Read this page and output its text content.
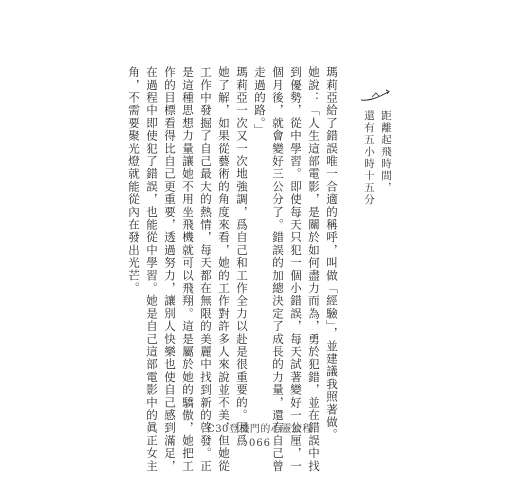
距離起飛時間，
還有五小時十五分
瑪莉亞給了錯誤唯一合適的稱呼，叫做「經驗」，並建議我照著做。
她說：「人生這部電影，是關於如何盡力而為，勇於犯錯，並在錯誤中找
到優勢，從中學習。即使每天只犯一個小錯誤，每天試著變好一公厘，一
個月後，就會變好三公分了。錯誤的加總決定了成長的力量，還有自己曾
走過的路。」
瑪莉亞一次又一次地強調，爲自己和工作全力以赴是很重要的。因爲
她了解，如果從藝術的角度來看，她的工作對許多人來說並不美，但她從
工作中發掘了自己最大的熱情，每天都在無限的美麗中找到新的啓發。正
是這種思想力量讓她不用坐飛機就可以飛翔。這是屬於她的驕傲，她把工
作的目標看得比自己更重要，透過努力，讓別人快樂也使自己感到滿足，
在過程中即使犯了錯誤，也能從中學習。她是自己這部電影中的眞正女主
角，不需要聚光燈就能從內在發出光芒。
C30登機門的心靈旅程
066
